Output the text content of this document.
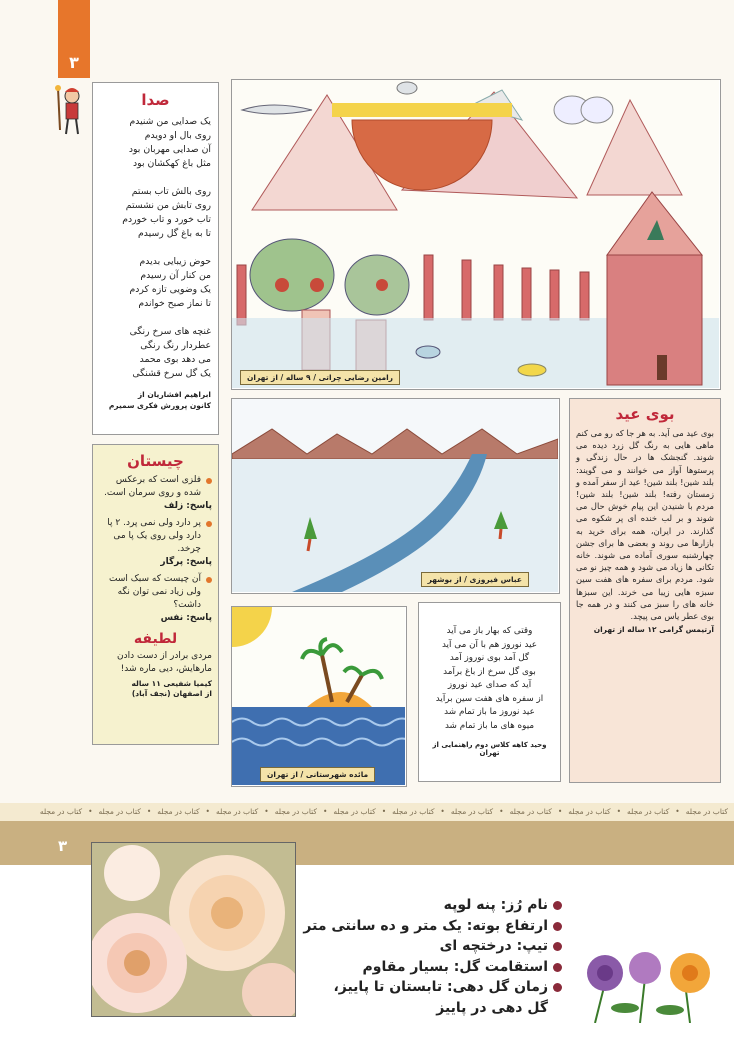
۳
صدا
یک صدایی من شنیدم
روی بال او دویدم
آن صدایی مهربان بود
مثل باغ کهکشان بود
روی بالش تاب بستم
روی تابش من نشستم
تاب خورد و تاب خوردم
تا به باغ گل رسیدم
حوض زیبایی بدیدم
من کنار آن رسیدم
یک وضویی تازه کردم
تا نماز صبح خواندم
غنچه های سرخ رنگی
عطردار رنگ رنگی
می دهد بوی محمد
یک گل سرخ قشنگی
ابراهیم افشاریان از
کانون پرورش فکری سمیرم
چیستان
فلزی است که برعکس شده و روی سرمان است.
پاسخ: زلف
پر دارد ولی نمی پرد. ۲ پا دارد ولی روی یک پا می چرخد.
پاسخ: پرگار
آن چیست که سبک است ولی زیاد نمی توان نگه داشت؟
پاسخ: نفس
لطیفه
مردی برادر از دست دادن مارهایش، دیی ماره شد!
کیمیا شفیعی ۱۱ ساله
از اصفهان (نجف آباد)
رامین رضایی چراتی / ۹ ساله / از تهران
عباس فیروزی / از بوشهر
مائده شهرستانی / از تهران
وقتی که بهار باز می آید
عید نوروز هم با آن می آید
گل آمد بوی نوروز آمد
بوی گل سرخ از باغ برآمد
آید که صدای عید نوروز
از سفره های هفت سین برآید
عید نوروز ما باز تمام شد
میوه های ما باز تمام شد
وحید کاهه کلاس دوم راهنمایی از تهران
بوی عید

بوی عید می آید. به هر جا که رو می کنم ماهی هایی به رنگ گل زرد دیده می شوند. گنجشک ها در حال زندگی و پرستوها آواز می خوانند و می گویند: بلند شین! بلند شین! عید از سفر آمده و زمستان رفته! بلند شین! بلند شین! مردم با شنیدن این پیام خوش حال می شوند و بر لب خنده ای پر شکوه می گذارند. در ایران، همه برای خرید به بازارها می روند و بعضی ها برای جشن چهارشنبه سوری آماده می شوند. خانه تکانی ها زیاد می شود و همه چیز نو می شود. مردم برای سفره های هفت سین سبزه هایی زیبا می خرند. این سبزها خانه های را سبز می کنند و در همه جا بوی عطر یاس می پیچد.

آرتیمس گرامی ۱۲ ساله از تهران
کتاب در مجله•کتاب در مجله•کتاب در مجله•کتاب در مجله•کتاب در مجله•کتاب در مجله•کتاب در مجله•کتاب در مجله•کتاب در مجله•کتاب در مجله•کتاب در مجله•کتاب در مجله
۳
نام رُز: پنه لوپه
ارتفاع بوته: یک متر و ده سانتی متر
تیپ: درختچه ای
استقامت گل: بسیار مقاوم
زمان گل دهی: تابستان تا پاییز،
گل دهی در پاییز
